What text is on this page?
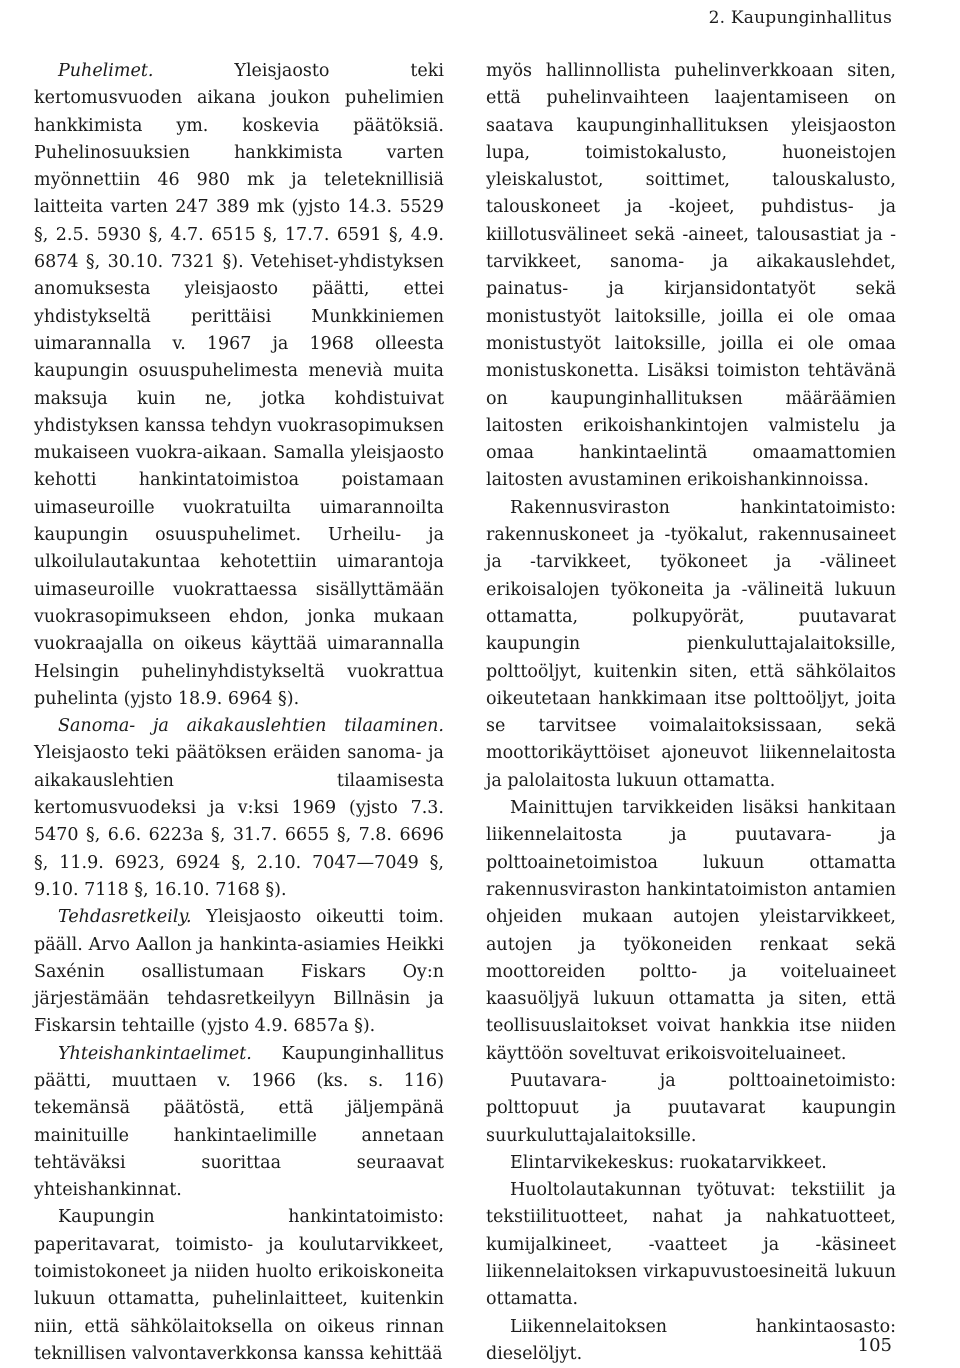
2. Kaupunginhallitus

Puhelimet.	Yleisjaosto teki kertomusvuoden aikana joukon puhelimien hankkimista ym. koskevia päätöksiä. Puhelinosuuksien hankkimista varten myönnettiin 46 980 mk ja teleteknillisiä laitteita varten 247 389 mk (yjsto 14.3. 5529 §, 2.5. 5930 §, 4.7. 6515 §, 17.7. 6591 §, 4.9. 6874 §, 30.10. 7321 §). Vetehiset-yhdistyksen anomuksesta yleisjaosto päätti, ettei yhdistykseltä perittäisi Munkkiniemen uimarannalla v. 1967 ja 1968 olleesta kaupungin osuuspuhelimesta menevià muita maksuja kuin ne, jotka kohdistuivat yhdistyksen kanssa tehdyn vuokrasopimuksen mukaiseen vuokra-aikaan. Samalla yleisjaosto kehotti hankintatoimistoa poistamaan uimaseuroille vuokratuilta uimarannoilta kaupungin osuuspuhelimet. Urheilu- ja ulkoilulautakuntaa kehotettiin uimarantoja uimaseuroille vuokrattaessa sisällyttämään vuokrasopimukseen ehdon, jonka mukaan vuokraajalla on oikeus käyttää uimarannalla Helsingin puhelinyhdistykseltä vuokrattua puhelinta (yjsto 18.9. 6964 §).

Sanoma- ja aikakauslehtien tilaaminen. Yleisjaosto teki päätöksen eräiden sanoma- ja aikakauslehtien tilaamisesta kertomusvuodeksi ja v:ksi 1969 (yjsto 7.3. 5470 §, 6.6. 6223a §, 31.7. 6655 §, 7.8. 6696 §, 11.9. 6923, 6924 §, 2.10. 7047—7049 §, 9.10. 7118 §, 16.10. 7168 §).

Tehdasretkeily. Yleisjaosto oikeutti toim. pääll. Arvo Aallon ja hankinta-asiamies Heikki Saxénin osallistumaan Fiskars Oy:n järjestämään tehdasretkeilyyn Billnäsin ja Fiskarsin tehtaille (yjsto 4.9. 6857a §).

Yhteishankintaelimet. Kaupunginhallitus päätti, muuttaen v. 1966 (ks. s. 116) tekemänsä päätöstä, että jäljempänä mainituille hankintaelimille annetaan tehtäväksi suorittaa seuraavat yhteishankinnat.

Kaupungin hankintatoimisto: paperitavarat, toimisto- ja koulutarvikkeet, toimistokoneet ja niiden huolto erikoiskoneita lukuun ottamatta, puhelinlaitteet, kuitenkin niin, että sähkölaitoksella on oikeus rinnan teknillisen valvontaverkkonsa kanssa kehittää

myös hallinnollista puhelinverkkoaan siten, että puhelinvaihteen laajentamiseen on saatava kaupunginhallituksen yleisjaoston lupa, toimistokalusto, huoneistojen yleiskalustot, soittimet, talouskalusto, talouskoneet ja -kojeet, puhdistus- ja kiillotusvälineet sekä -aineet, talousastiat ja -tarvikkeet, sanoma- ja aikakauslehdet, painatus- ja kirjansidontatyöt sekä monistustyöt laitoksille, joilla ei ole omaa monistustyöt laitoksille, joilla ei ole omaa monistuskonetta. Lisäksi toimiston tehtävänä on kaupunginhallituksen määräämien laitosten erikoishankintojen valmistelu ja omaa hankintaelintä omaamattomien laitosten avustaminen erikoishankinnoissa.

Rakennusviraston hankintatoimisto: rakennuskoneet ja -työkalut, rakennusaineet ja -tarvikkeet, työkoneet ja -välineet erikoisalojen työkoneita ja -välineitä lukuun ottamatta, polkupyörät, puutavarat kaupungin pienkuluttajalaitoksille, polttoöljyt, kuitenkin siten, että sähkölaitos oikeutetaan hankkimaan itse polttoöljyt, joita se tarvitsee voimalaitoksissaan, sekä moottorikäyttöiset ajoneuvot liikennelaitosta ja palolaitosta lukuun ottamatta.

Mainittujen tarvikkeiden lisäksi hankitaan liikennelaitosta ja puutavara- ja polttoainetoimistoa lukuun ottamatta rakennusviraston hankintatoimiston antamien ohjeiden mukaan autojen yleistarvikkeet, autojen ja työkoneiden renkaat sekä moottoreiden poltto- ja voiteluaineet kaasuöljyä lukuun ottamatta ja siten, että teollisuuslaitokset voivat hankkia itse niiden käyttöön soveltuvat erikoisvoiteluaineet.

Puutavara- ja polttoainetoimisto: polttopuut ja puutavarat kaupungin suurkuluttajalaitoksille.

Elintarvikekeskus: ruokatarvikkeet.

Huoltolautakunnan työtuvat: tekstiilit ja tekstiilituotteet, nahat ja nahkatuotteet, kumijalkineet, -vaatteet ja -käsineet liikennelaitoksen virkapuvustoesineitä lukuun ottamatta.

Liikennelaitoksen hankintaosasto: dieselöljyt.	105
